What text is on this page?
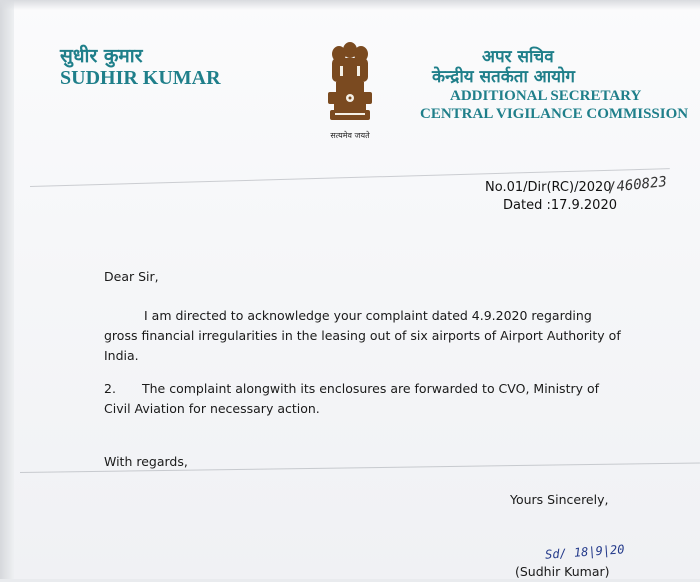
सुधीर कुमार
SUDHIR KUMAR
सत्यमेव जयते
अपर सचिव
केन्द्रीय सतर्कता आयोग
ADDITIONAL SECRETARY
CENTRAL VIGILANCE COMMISSION
No.01/Dir(RC)/2020
/460823
Dated :17.9.2020
Dear Sir,
I am directed to acknowledge your complaint dated 4.9.2020 regarding gross financial irregularities in the leasing out of six airports of Airport Authority of India.
2.	The complaint alongwith its enclosures are forwarded to CVO, Ministry of Civil Aviation for necessary action.
With regards,
Yours Sincerely,
Sd/ 18|9|20
(Sudhir Kumar)
